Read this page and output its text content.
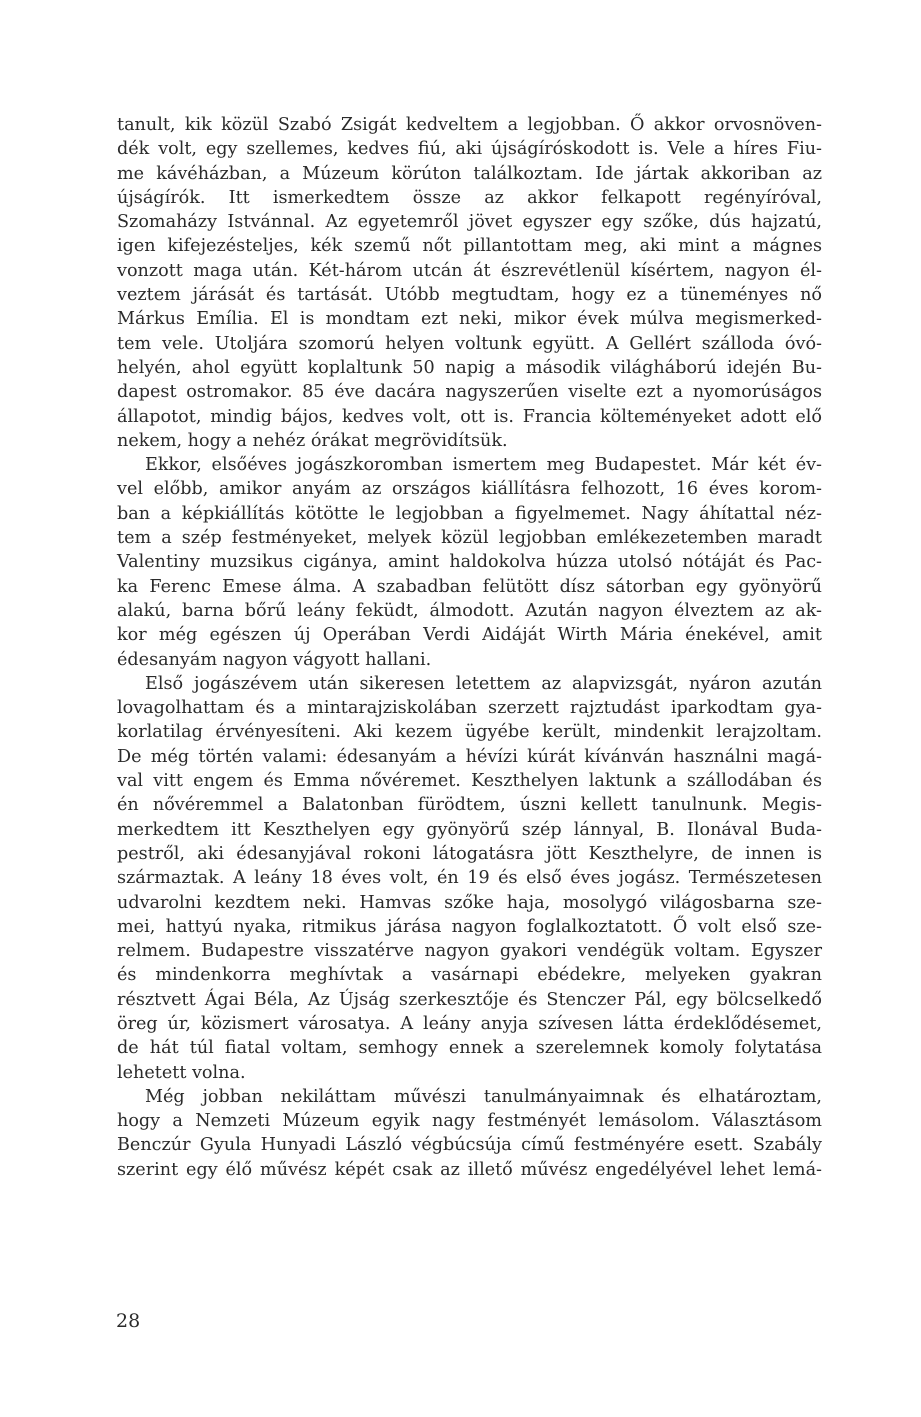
tanult, kik közül Szabó Zsigát kedveltem a legjobban. Ő akkor orvosnöven-
dék volt, egy szellemes, kedves fiú, aki újságíróskodott is. Vele a híres Fiu-
me kávéházban, a Múzeum körúton találkoztam. Ide jártak akkoriban az
újságírók. Itt ismerkedtem össze az akkor felkapott regényíróval,
Szomaházy Istvánnal. Az egyetemről jövet egyszer egy szőke, dús hajzatú,
igen kifejezésteljes, kék szemű nőt pillantottam meg, aki mint a mágnes
vonzott maga után. Két-három utcán át észrevétlenül kísértem, nagyon él-
veztem járását és tartását. Utóbb megtudtam, hogy ez a tüneményes nő
Márkus Emília. El is mondtam ezt neki, mikor évek múlva megismerked-
tem vele. Utoljára szomorú helyen voltunk együtt. A Gellért szálloda óvó-
helyén, ahol együtt koplaltunk 50 napig a második világháború idején Bu-
dapest ostromakor. 85 éve dacára nagyszerűen viselte ezt a nyomorúságos
állapotot, mindig bájos, kedves volt, ott is. Francia költeményeket adott elő
nekem, hogy a nehéz órákat megrövidítsük.
Ekkor, elsőéves jogászkoromban ismertem meg Budapestet. Már két év-
vel előbb, amikor anyám az országos kiállításra felhozott, 16 éves korom-
ban a képkiállítás kötötte le legjobban a figyelmemet. Nagy áhítattal néz-
tem a szép festményeket, melyek közül legjobban emlékezetemben maradt
Valentiny muzsikus cigánya, amint haldokolva húzza utolsó nótáját és Pac-
ka Ferenc Emese álma. A szabadban felütött dísz sátorban egy gyönyörű
alakú, barna bőrű leány feküdt, álmodott. Azután nagyon élveztem az ak-
kor még egészen új Operában Verdi Aidáját Wirth Mária énekével, amit
édesanyám nagyon vágyott hallani.
Első jogászévem után sikeresen letettem az alapvizsgát, nyáron azután
lovagolhattam és a mintarajziskolában szerzett rajztudást iparkodtam gya-
korlatilag érvényesíteni. Aki kezem ügyébe került, mindenkit lerajzoltam.
De még történ valami: édesanyám a hévízi kúrát kívánván használni magá-
val vitt engem és Emma nővéremet. Keszthelyen laktunk a szállodában és
én nővéremmel a Balatonban fürödtem, úszni kellett tanulnunk. Megis-
merkedtem itt Keszthelyen egy gyönyörű szép lánnyal, B. Ilonával Buda-
pestről, aki édesanyjával rokoni látogatásra jött Keszthelyre, de innen is
származtak. A leány 18 éves volt, én 19 és első éves jogász. Természetesen
udvarolni kezdtem neki. Hamvas szőke haja, mosolygó világosbarna sze-
mei, hattyú nyaka, ritmikus járása nagyon foglalkoztatott. Ő volt első sze-
relmem. Budapestre visszatérve nagyon gyakori vendégük voltam. Egyszer
és mindenkorra meghívtak a vasárnapi ebédekre, melyeken gyakran
résztvett Ágai Béla, Az Újság szerkesztője és Stenczer Pál, egy bölcselkedő
öreg úr, közismert városatya. A leány anyja szívesen látta érdeklődésemet,
de hát túl fiatal voltam, semhogy ennek a szerelemnek komoly folytatása
lehetett volna.
Még jobban nekiláttam művészi tanulmányaimnak és elhatároztam,
hogy a Nemzeti Múzeum egyik nagy festményét lemásolom. Választásom
Benczúr Gyula Hunyadi László végbúcsúja című festményére esett. Szabály
szerint egy élő művész képét csak az illető művész engedélyével lehet lemá-
28
